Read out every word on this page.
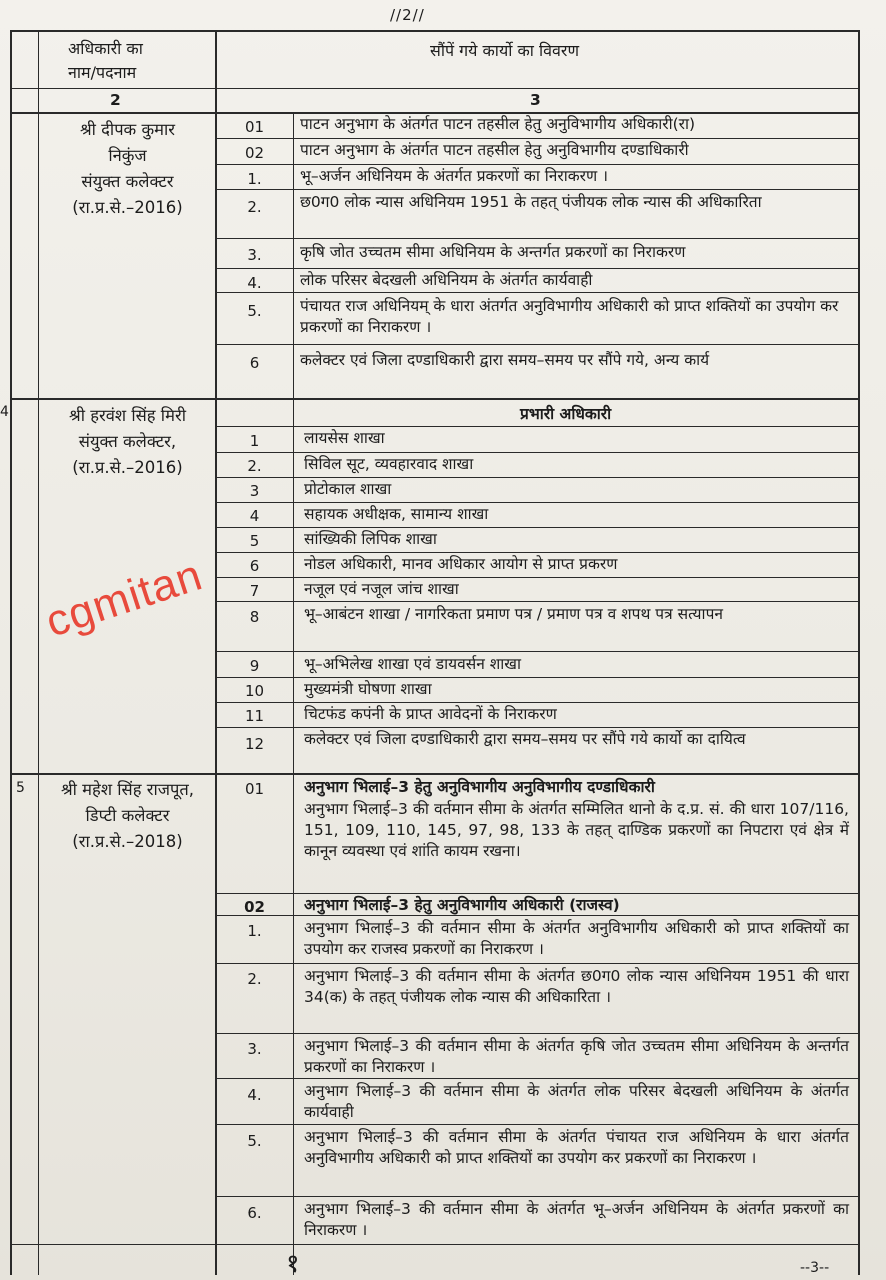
//2//
अधिकारी का
नाम/पदनाम
सौंपें गये कार्यो का विवरण
2	3
श्री दीपक कुमार
निकुंज
संयुक्त कलेक्टर
(रा.प्र.से.–2016)
01	पाटन अनुभाग के अंतर्गत पाटन तहसील हेतु अनुविभागीय अधिकारी(रा)
02	पाटन अनुभाग के अंतर्गत पाटन तहसील हेतु अनुविभागीय दण्डाधिकारी
1.	भू–अर्जन अधिनियम के अंतर्गत प्रकरणों का निराकरण ।
2.	छ0ग0 लोक न्यास अधिनियम 1951 के तहत् पंजीयक लोक न्यास की अधिकारिता
3.	कृषि जोत उच्चतम सीमा अधिनियम के अन्तर्गत प्रकरणों का निराकरण
4.	लोक परिसर बेदखली अधिनियम के अंतर्गत कार्यवाही
5.	पंचायत राज अधिनियम् के धारा अंतर्गत अनुविभागीय अधिकारी को प्राप्त शक्तियों का उपयोग कर प्रकरणों का निराकरण ।
6	कलेक्टर एवं जिला दण्डाधिकारी द्वारा समय–समय पर सौंपे गये, अन्य कार्य
4	श्री हरवंश सिंह मिरी
संयुक्त कलेक्टर,
(रा.प्र.से.–2016)
प्रभारी अधिकारी
1	लायसेस शाखा
2.	सिविल सूट, व्यवहारवाद शाखा
3	प्रोटोकाल शाखा
4	सहायक अधीक्षक, सामान्य शाखा
5	सांख्यिकी लिपिक शाखा
6	नोडल अधिकारी, मानव अधिकार आयोग से प्राप्त प्रकरण
7	नजूल एवं नजूल जांच शाखा
8	भू–आबंटन शाखा / नागरिकता प्रमाण पत्र / प्रमाण पत्र व शपथ पत्र सत्यापन
9	भू–अभिलेख शाखा एवं डायवर्सन शाखा
10	मुख्यमंत्री घोषणा शाखा
11	चिटफंड कपंनी के प्राप्त आवेदनों के निराकरण
12	कलेक्टर एवं जिला दण्डाधिकारी द्वारा समय–समय पर सौंपे गये कार्यो का दायित्व
5	श्री महेश सिंह राजपूत,
डिप्टी कलेक्टर
(रा.प्र.से.–2018)
01	अनुभाग भिलाई–3 हेतु अनुविभागीय अनुविभागीय दण्डाधिकारी
अनुभाग भिलाई–3 की वर्तमान सीमा के अंतर्गत सम्मिलित थानो के द.प्र. सं. की धारा 107/116, 151, 109, 110, 145, 97, 98, 133 के तहत् दाण्डिक प्रकरणों का निपटारा एवं क्षेत्र में कानून व्यवस्था एवं शांति कायम रखना।
02	अनुभाग भिलाई–3 हेतु अनुविभागीय अधिकारी (राजस्व)
1.	अनुभाग भिलाई–3 की वर्तमान सीमा के अंतर्गत अनुविभागीय अधिकारी को प्राप्त शक्तियों का उपयोग कर राजस्व प्रकरणों का निराकरण ।
2.	अनुभाग भिलाई–3 की वर्तमान सीमा के अंतर्गत छ0ग0 लोक न्यास अधिनियम 1951 की धारा 34(क) के तहत् पंजीयक लोक न्यास की अधिकारिता ।
3.	अनुभाग भिलाई–3 की वर्तमान सीमा के अंतर्गत कृषि जोत उच्चतम सीमा अधिनियम के अन्तर्गत प्रकरणों का निराकरण ।
4.	अनुभाग भिलाई–3 की वर्तमान सीमा के अंतर्गत लोक परिसर बेदखली अधिनियम के अंतर्गत कार्यवाही
5.	अनुभाग भिलाई–3 की वर्तमान सीमा के अंतर्गत पंचायत राज अधिनियम के धारा अंतर्गत अनुविभागीय अधिकारी को प्राप्त शक्तियों का उपयोग कर प्रकरणों का निराकरण ।
6.	अनुभाग भिलाई–3 की वर्तमान सीमा के अंतर्गत भू–अर्जन अधिनियम के अंतर्गत प्रकरणों का निराकरण ।
cgmitan
१	--3--
